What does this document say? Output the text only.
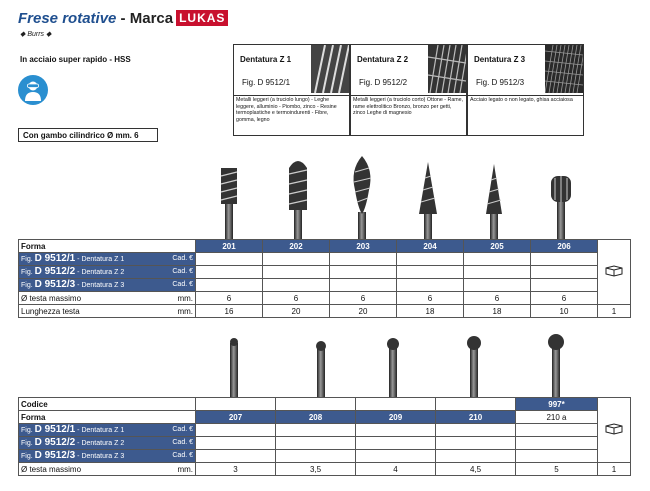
Frese rotative - Marca LUKAS
◆ Burrs ◆
In acciaio super rapido - HSS
Con gambo cilindrico Ø mm. 6
Dentatura Z 1
Fig. D 9512/1
Metalli leggeri (a truciolo lungo) - Leghe leggere, alluminio - Piombo, zinco - Resine termoplastiche e termoindurenti - Fibre, gomma, legno
Dentatura Z 2
Fig. D 9512/2
Metalli leggeri (a truciolo corto) Ottone - Rame, rame elettrolitico Bronzo, bronzo per getti, zinco Leghe di magnesio
Dentatura Z 3
Fig. D 9512/3
Acciaio legato o non legato, ghisa acciaiosa
Forma	201	202	203	204	205	206	
Fig. D 9512/1 - Dentatura Z 1 Cad. €							

Fig. D 9512/2 - Dentatura Z 2 Cad. €							

Fig. D 9512/3 - Dentatura Z 3 Cad. €							

Ø testa massimo mm.	6	6	6	6	6	6	

Lunghezza testa mm.	16	20	20	18	18	10	1
Codice					997*	
Forma	207	208	209	210	210 a	
Fig. D 9512/1 - Dentatura Z 1 Cad. €						

Fig. D 9512/2 - Dentatura Z 2 Cad. €						

Fig. D 9512/3 - Dentatura Z 3 Cad. €						

Ø testa massimo mm.	3	3,5	4	4,5	5	1
